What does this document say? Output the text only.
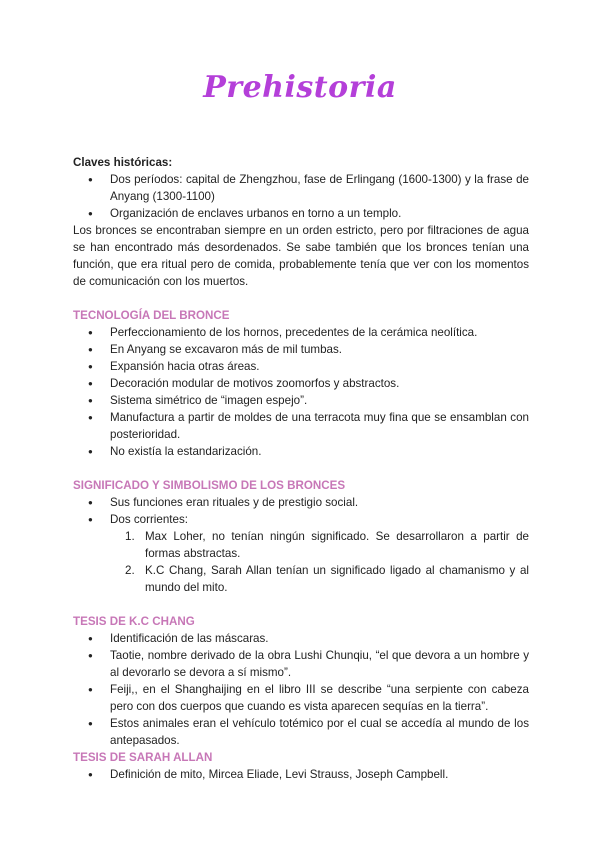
Prehistoria
Claves históricas:
● Dos períodos: capital de Zhengzhou, fase de Erlingang (1600-1300) y la frase de Anyang (1300-1100)
● Organización de enclaves urbanos en torno a un templo.
Los bronces se encontraban siempre en un orden estricto, pero por filtraciones de agua se han encontrado más desordenados. Se sabe también que los bronces tenían una función, que era ritual pero de comida, probablemente tenía que ver con los momentos de comunicación con los muertos.
TECNOLOGÍA DEL BRONCE
● Perfeccionamiento de los hornos, precedentes de la cerámica neolítica.
● En Anyang se excavaron más de mil tumbas.
● Expansión hacia otras áreas.
● Decoración modular de motivos zoomorfos y abstractos.
● Sistema simétrico de “imagen espejo”.
● Manufactura a partir de moldes de una terracota muy fina que se ensamblan con posterioridad.
● No existía la estandarización.
SIGNIFICADO Y SIMBOLISMO DE LOS BRONCES
● Sus funciones eran rituales y de prestigio social.
● Dos corrientes:
1. Max Loher, no tenían ningún significado. Se desarrollaron a partir de formas abstractas.
2. K.C Chang, Sarah Allan tenían un significado ligado al chamanismo y al mundo del mito.
TESIS DE K.C CHANG
● Identificación de las máscaras.
● Taotie, nombre derivado de la obra Lushi Chunqiu, “el que devora a un hombre y al devorarlo se devora a sí mismo”.
● Feiji,, en el Shanghaijing en el libro III se describe “una serpiente con cabeza pero con dos cuerpos que cuando es vista aparecen sequías en la tierra”.
● Estos animales eran el vehículo totémico por el cual se accedía al mundo de los antepasados.
TESIS DE SARAH ALLAN
● Definición de mito, Mircea Eliade, Levi Strauss, Joseph Campbell.
